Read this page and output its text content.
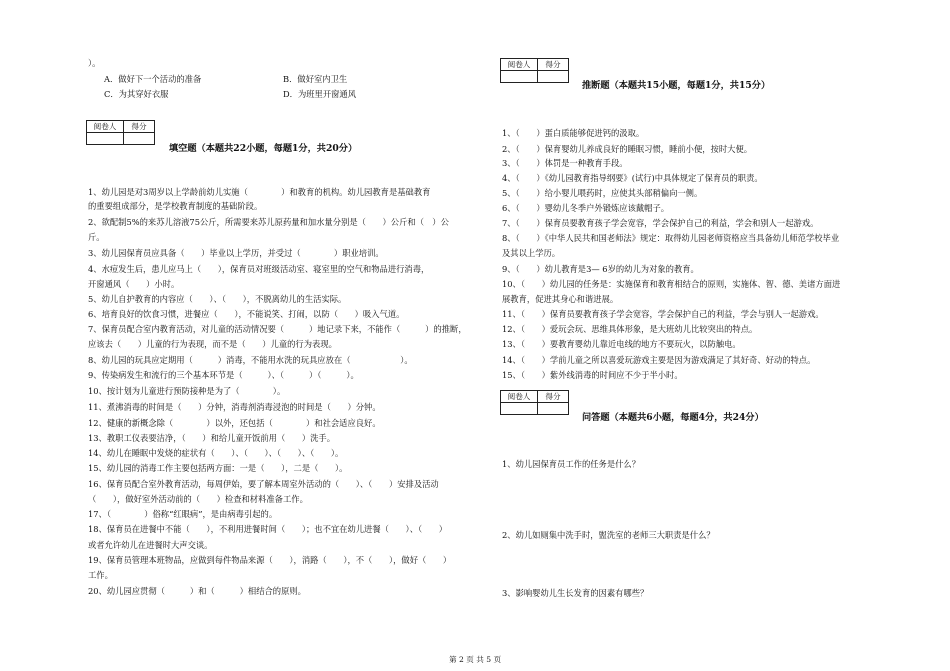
）。
A．做好下一个活动的准备	B．做好室内卫生
C．为其穿好衣服	D．为班里开窗通风
阅卷人	得分

填空题（本题共22小题，每题1分，共20分）
1、幼儿园是对3周岁以上学龄前幼儿实施（　　　　）和教育的机构。幼儿园教育是基础教育
的重要组成部分，是学校教育制度的基础阶段。
2、欲配制5%的来苏儿溶液75公斤，所需要来苏儿原药量和加水量分别是（　　）公斤和（　）公
斤。
3、幼儿园保育员应具备（　　）毕业以上学历，并受过（　　　　）职业培训。
4、水痘发生后，患儿应马上（　　），保育员对班级活动室、寝室里的空气和物品进行消毒，
开窗通风（　　）小时。
5、幼儿自护教育的内容应（　　）、（　　），不脱离幼儿的生活实际。
6、培育良好的饮食习惯，进餐应（　　），不能说笑、打闹，以防（　　）吸入气道。
7、保育员配合室内教育活动，对儿童的活动情况要（　　　）地记录下来，不能作（　　　）的推断，
应该去（　　）儿童的行为表现，而不是（　　）儿童的行为表现。
8、幼儿园的玩具应定期用（　　　）消毒，不能用水洗的玩具应放在（　　　　　　）。
9、传染病发生和流行的三个基本环节是（　　　）、（　　　）（　　　）。
10、按计划为儿童进行预防接种是为了（　　　　）。
11、煮沸消毒的时间是（　　）分钟，消毒剂消毒浸泡的时间是（　　）分钟。
12、健康的新概念除（　　　　）以外，还包括（　　　　）和社会适应良好。
13、教职工仪表要洁净，（　　）和给儿童开饭前用（　　）洗手。
14、幼儿在睡眠中发烧的症状有（　　）、（　　）、（　　）、（　　）。
15、幼儿园的消毒工作主要包括两方面：一是（　　），二是（　　）。
16、保育员配合室外教育活动，每周伊始，要了解本周室外活动的（　　）、（　　）安排及活动
（　　），做好室外活动前的（　　）检查和材料准备工作。
17、（　　　　）俗称“红眼病”，是由病毒引起的。
18、保育员在进餐中不能（　　），不利用进餐时间（　　）；也不宜在幼儿进餐（　　）、（　　）
或者允许幼儿在进餐时大声交谈。
19、保育员管理本班物品，应做到每件物品来源（　　），消路（　　），不（　　），做好（　　）
工作。
20、幼儿园应贯彻（　　　）和（　　　）相结合的原则。
阅卷人	得分

推断题（本题共15小题，每题1分，共15分）
1、（　　）蛋白质能够促进钙的汲取。
2、（　　）保育婴幼儿养成良好的睡眠习惯，睡前小便，按时大便。
3、（　　）体罚是一种教育手段。
4、（　　）《幼儿园教育指导纲要》(试行)中具体规定了保育员的职责。
5、（　　）给小婴儿喂药时，应使其头部稍偏向一侧。
6、（　　）婴幼儿冬季户外锻炼应该戴帽子。
7、（　　）保育员要教育孩子学会宽容，学会保护自己的利益，学会和别人一起游戏。
8、（　　）《中华人民共和国老师法》规定：取得幼儿园老师资格应当具备幼儿师范学校毕业
及其以上学历。
9、（　　）幼儿教育是3— 6岁的幼儿为对象的教育。
10、（　　）幼儿园的任务是：实施保育和教育相结合的原则，实施体、智、德、美诸方面进
展教育，促进其身心和谐进展。
11、（　　）保育员要教育孩子学会宽容，学会保护自己的利益，学会与别人一起游戏。
12、（　　）爱玩会玩、思维具体形象，是大班幼儿比较突出的特点。
13、（　　）要教育婴幼儿靠近电线的地方不要玩火，以防触电。
14、（　　）学前儿童之所以喜爱玩游戏主要是因为游戏满足了其好奇、好动的特点。
15、（　　）紫外线消毒的时间应不少于半小时。
阅卷人	得分

问答题（本题共6小题，每题4分，共24分）
1、幼儿园保育员工作的任务是什么？
2、幼儿如厕集中洗手时，盥洗室的老师三大职责是什么？
3、影响婴幼儿生长发育的因素有哪些？
第 2 页 共 5 页
